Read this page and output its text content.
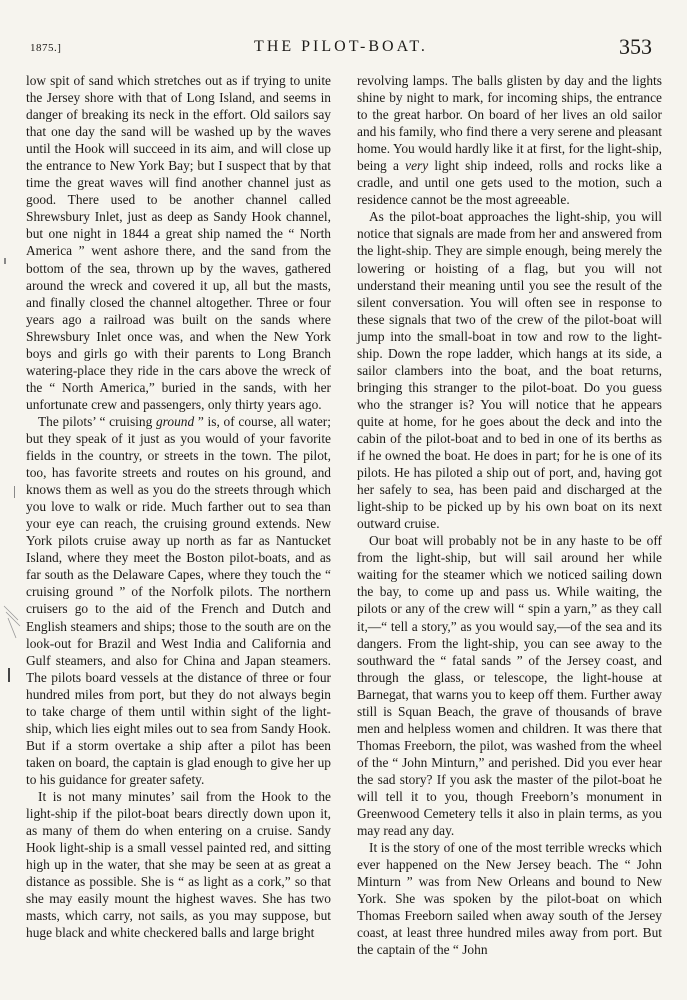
1875.]	THE PILOT-BOAT.	353

low spit of sand which stretches out as if trying to unite the Jersey shore with that of Long Island, and seems in danger of breaking its neck in the effort. Old sailors say that one day the sand will be washed up by the waves until the Hook will succeed in its aim, and will close up the entrance to New York Bay; but I suspect that by that time the great waves will find another channel just as good. There used to be another channel called Shrewsbury Inlet, just as deep as Sandy Hook channel, but one night in 1844 a great ship named the “ North America ” went ashore there, and the sand from the bottom of the sea, thrown up by the waves, gathered around the wreck and covered it up, all but the masts, and finally closed the channel altogether. Three or four years ago a railroad was built on the sands where Shrewsbury Inlet once was, and when the New York boys and girls go with their parents to Long Branch watering-place they ride in the cars above the wreck of the “ North America,” buried in the sands, with her unfortunate crew and passengers, only thirty years ago.

The pilots’ “ cruising ground ” is, of course, all water; but they speak of it just as you would of your favorite fields in the country, or streets in the town. The pilot, too, has favorite streets and routes on his ground, and knows them as well as you do the streets through which you love to walk or ride. Much farther out to sea than your eye can reach, the cruising ground extends. New York pilots cruise away up north as far as Nantucket Island, where they meet the Boston pilot-boats, and as far south as the Delaware Capes, where they touch the “ cruising ground ” of the Norfolk pilots. The northern cruisers go to the aid of the French and Dutch and English steamers and ships; those to the south are on the look-out for Brazil and West India and California and Gulf steamers, and also for China and Japan steamers. The pilots board vessels at the distance of three or four hundred miles from port, but they do not always begin to take charge of them until within sight of the light-ship, which lies eight miles out to sea from Sandy Hook. But if a storm overtake a ship after a pilot has been taken on board, the captain is glad enough to give her up to his guidance for greater safety.

It is not many minutes’ sail from the Hook to the light-ship if the pilot-boat bears directly down upon it, as many of them do when entering on a cruise. Sandy Hook light-ship is a small vessel painted red, and sitting high up in the water, that she may be seen at as great a distance as possible. She is “ as light as a cork,” so that she may easily mount the highest waves. She has two masts, which carry, not sails, as you may suppose, but huge black and white checkered balls and large bright

revolving lamps. The balls glisten by day and the lights shine by night to mark, for incoming ships, the entrance to the great harbor. On board of her lives an old sailor and his family, who find there a very serene and pleasant home. You would hardly like it at first, for the light-ship, being a very light ship indeed, rolls and rocks like a cradle, and until one gets used to the motion, such a residence cannot be the most agreeable.

As the pilot-boat approaches the light-ship, you will notice that signals are made from her and answered from the light-ship. They are simple enough, being merely the lowering or hoisting of a flag, but you will not understand their meaning until you see the result of the silent conversation. You will often see in response to these signals that two of the crew of the pilot-boat will jump into the small-boat in tow and row to the light-ship. Down the rope ladder, which hangs at its side, a sailor clambers into the boat, and the boat returns, bringing this stranger to the pilot-boat. Do you guess who the stranger is? You will notice that he appears quite at home, for he goes about the deck and into the cabin of the pilot-boat and to bed in one of its berths as if he owned the boat. He does in part; for he is one of its pilots. He has piloted a ship out of port, and, having got her safely to sea, has been paid and discharged at the light-ship to be picked up by his own boat on its next outward cruise.

Our boat will probably not be in any haste to be off from the light-ship, but will sail around her while waiting for the steamer which we noticed sailing down the bay, to come up and pass us. While waiting, the pilots or any of the crew will “ spin a yarn,” as they call it,—“ tell a story,” as you would say,—of the sea and its dangers. From the light-ship, you can see away to the southward the “ fatal sands ” of the Jersey coast, and through the glass, or telescope, the light-house at Barnegat, that warns you to keep off them. Further away still is Squan Beach, the grave of thousands of brave men and helpless women and children. It was there that Thomas Freeborn, the pilot, was washed from the wheel of the “ John Minturn,” and perished. Did you ever hear the sad story? If you ask the master of the pilot-boat he will tell it to you, though Freeborn’s monument in Greenwood Cemetery tells it also in plain terms, as you may read any day.

It is the story of one of the most terrible wrecks which ever happened on the New Jersey beach. The “ John Minturn ” was from New Orleans and bound to New York. She was spoken by the pilot-boat on which Thomas Freeborn sailed when away south of the Jersey coast, at least three hundred miles away from port. But the captain of the “ John
